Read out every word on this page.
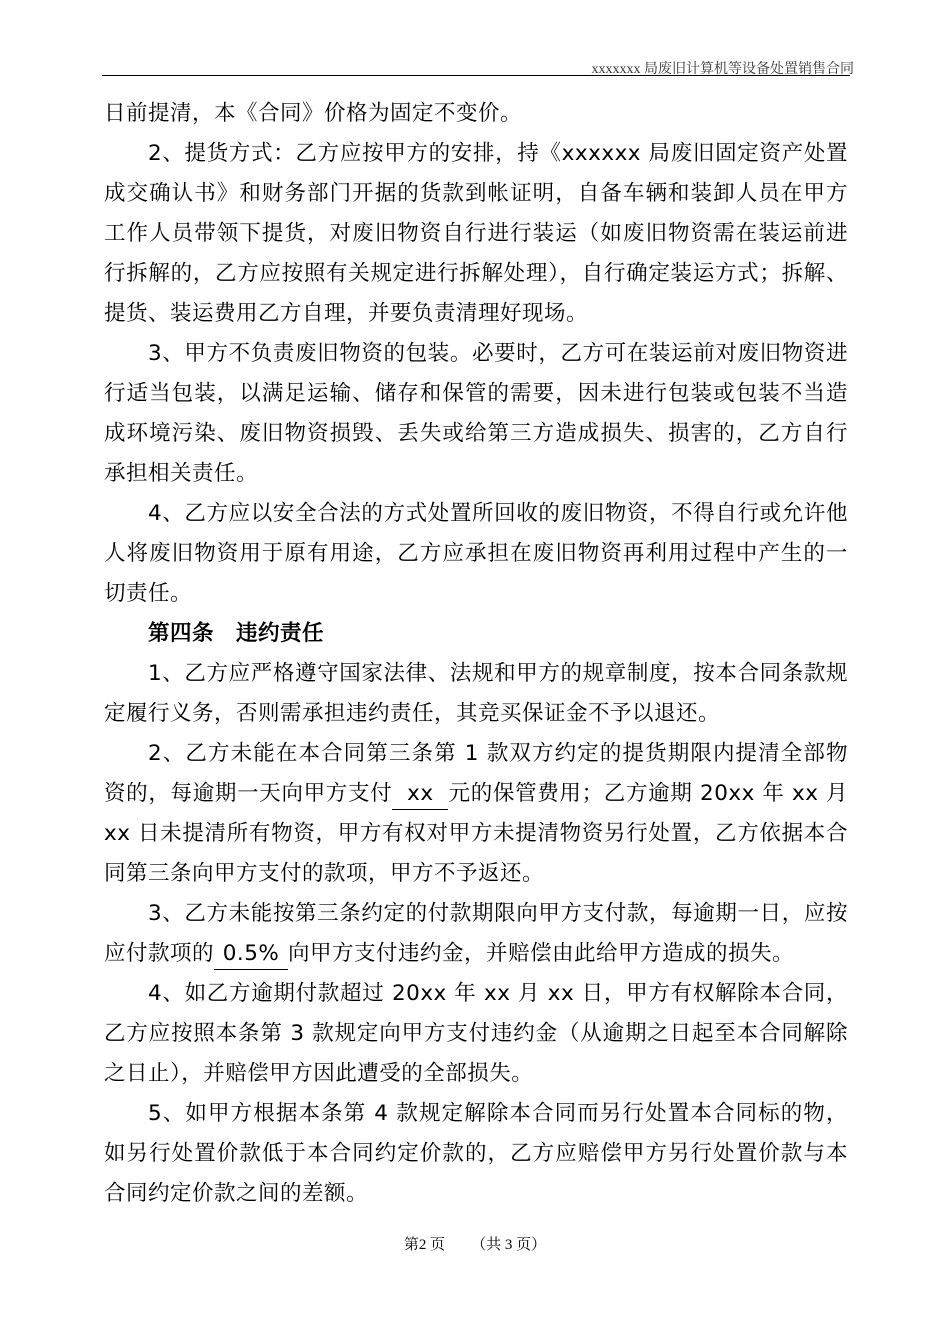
xxxxxxx 局废旧计算机等设备处置销售合同

日前提清，本《合同》价格为固定不变价。

2、提货方式：乙方应按甲方的安排，持《xxxxxx 局废旧固定资产处置成交确认书》和财务部门开据的货款到帐证明，自备车辆和装卸人员在甲方工作人员带领下提货，对废旧物资自行进行装运（如废旧物资需在装运前进行拆解的，乙方应按照有关规定进行拆解处理），自行确定装运方式；拆解、提货、装运费用乙方自理，并要负责清理好现场。

3、甲方不负责废旧物资的包装。必要时，乙方可在装运前对废旧物资进行适当包装，以满足运输、储存和保管的需要，因未进行包装或包装不当造成环境污染、废旧物资损毁、丢失或给第三方造成损失、损害的，乙方自行承担相关责任。

4、乙方应以安全合法的方式处置所回收的废旧物资，不得自行或允许他人将废旧物资用于原有用途，乙方应承担在废旧物资再利用过程中产生的一切责任。

第四条　违约责任

1、乙方应严格遵守国家法律、法规和甲方的规章制度，按本合同条款规定履行义务，否则需承担违约责任，其竞买保证金不予以退还。

2、乙方未能在本合同第三条第 1 款双方约定的提货期限内提清全部物资的，每逾期一天向甲方支付 xx 元的保管费用；乙方逾期 20xx 年 xx 月 xx 日未提清所有物资，甲方有权对甲方未提清物资另行处置，乙方依据本合同第三条向甲方支付的款项，甲方不予返还。

3、乙方未能按第三条约定的付款期限向甲方支付款，每逾期一日，应按应付款项的 0.5% 向甲方支付违约金，并赔偿由此给甲方造成的损失。

4、如乙方逾期付款超过 20xx 年 xx 月 xx 日，甲方有权解除本合同，乙方应按照本条第 3 款规定向甲方支付违约金（从逾期之日起至本合同解除之日止），并赔偿甲方因此遭受的全部损失。

5、如甲方根据本条第 4 款规定解除本合同而另行处置本合同标的物，如另行处置价款低于本合同约定价款的，乙方应赔偿甲方另行处置价款与本合同约定价款之间的差额。

第2 页 （共 3 页）
